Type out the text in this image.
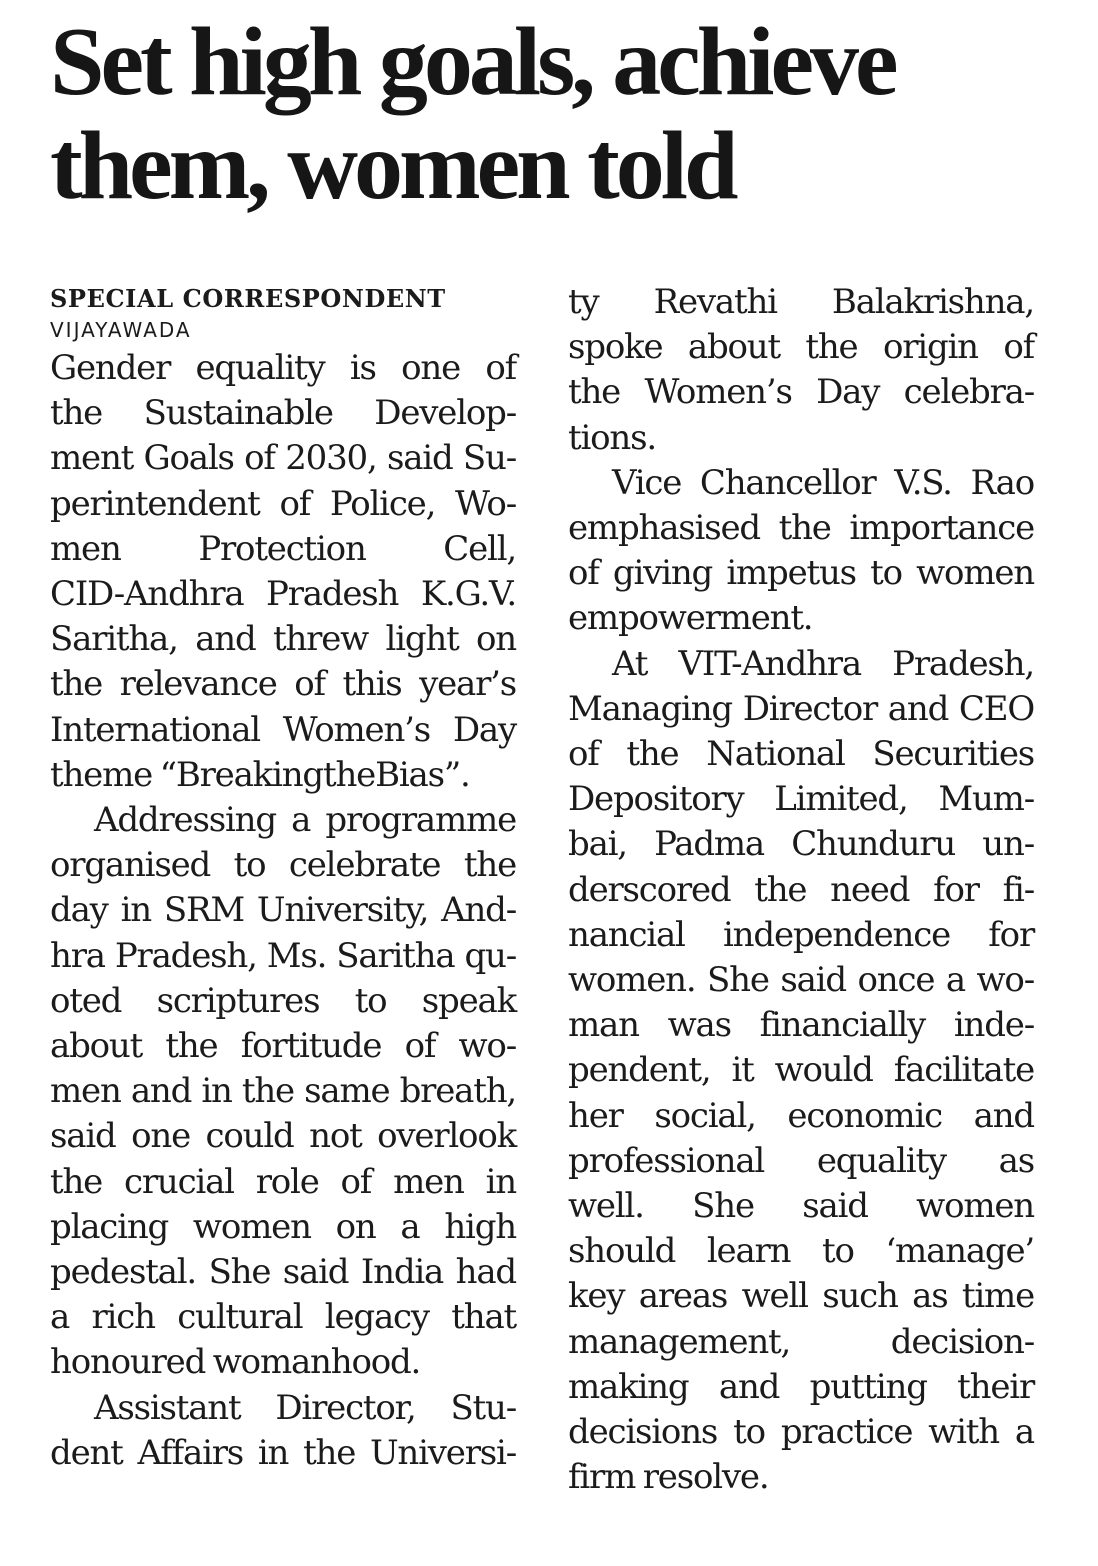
Set high goals, achieve them, women told

SPECIAL CORRESPONDENT

VIJAYAWADA

Gender equality is one of
the Sustainable Develop-
ment Goals of 2030, said Su-
perintendent of Police, Wo-
men Protection Cell,
CID-Andhra Pradesh K.G.V.
Saritha, and threw light on
the relevance of this year’s
International Women’s Day
theme “BreakingtheBias”.

Addressing a programme
organised to celebrate the
day in SRM University, And-
hra Pradesh, Ms. Saritha qu-
oted scriptures to speak
about the fortitude of wo-
men and in the same breath,
said one could not overlook
the crucial role of men in
placing women on a high
pedestal. She said India had
a rich cultural legacy that
honoured womanhood.

Assistant Director, Stu-
dent Affairs in the Universi-

ty Revathi Balakrishna,
spoke about the origin of
the Women’s Day celebra-
tions.

Vice Chancellor V.S. Rao
emphasised the importance
of giving impetus to women
empowerment.

At VIT-Andhra Pradesh,
Managing Director and CEO
of the National Securities
Depository Limited, Mum-
bai, Padma Chunduru un-
derscored the need for fi-
nancial independence for
women. She said once a wo-
man was financially inde-
pendent, it would facilitate
her social, economic and
professional equality as
well. She said women
should learn to ‘manage’
key areas well such as time
management, decision-
making and putting their
decisions to practice with a
firm resolve.
